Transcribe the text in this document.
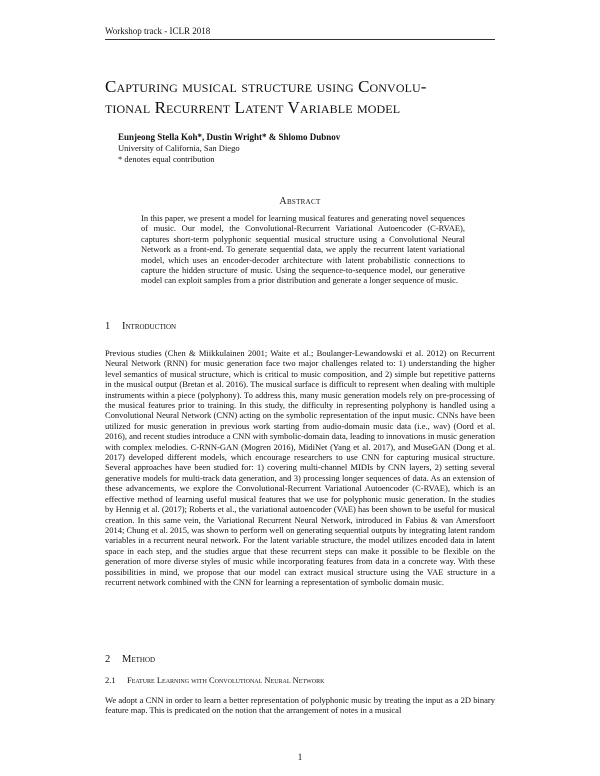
Workshop track - ICLR 2018
Capturing musical structure using Convolu-
tional Recurrent Latent Variable model
Eunjeong Stella Koh*, Dustin Wright* & Shlomo Dubnov
University of California, San Diego
* denotes equal contribution
Abstract

In this paper, we present a model for learning musical features and generating novel sequences of music. Our model, the Convolutional-Recurrent Variational Autoencoder (C-RVAE), captures short-term polyphonic sequential musical structure using a Convolutional Neural Network as a front-end. To generate sequential data, we apply the recurrent latent variational model, which uses an encoder-decoder architecture with latent probabilistic connections to capture the hidden structure of music. Using the sequence-to-sequence model, our generative model can exploit samples from a prior distribution and generate a longer sequence of music.

1 Introduction

Previous studies (Chen & Miikkulainen 2001; Waite et al.; Boulanger-Lewandowski et al. 2012) on Recurrent Neural Network (RNN) for music generation face two major challenges related to: 1) understanding the higher level semantics of musical structure, which is critical to music composition, and 2) simple but repetitive patterns in the musical output (Bretan et al. 2016). The musical surface is difficult to represent when dealing with multiple instruments within a piece (polyphony). To address this, many music generation models rely on pre-processing of the musical features prior to training. In this study, the difficulty in representing polyphony is handled using a Convolutional Neural Network (CNN) acting on the symbolic representation of the input music. CNNs have been utilized for music generation in previous work starting from audio-domain music data (i.e., wav) (Oord et al. 2016), and recent studies introduce a CNN with symbolic-domain data, leading to innovations in music generation with complex melodies. C-RNN-GAN (Mogren 2016), MidiNet (Yang et al. 2017), and MuseGAN (Dong et al. 2017) developed different models, which encourage researchers to use CNN for capturing musical structure. Several approaches have been studied for: 1) covering multi-channel MIDIs by CNN layers, 2) setting several generative models for multi-track data generation, and 3) processing longer sequences of data. As an extension of these advancements, we explore the Convolutional-Recurrent Variational Autoencoder (C-RVAE), which is an effective method of learning useful musical features that we use for polyphonic music generation. In the studies by Hennig et al. (2017); Roberts et al., the variational autoencoder (VAE) has been shown to be useful for musical creation. In this same vein, the Variational Recurrent Neural Network, introduced in Fabius & van Amersfoort 2014; Chung et al. 2015, was shown to perform well on generating sequential outputs by integrating latent random variables in a recurrent neural network. For the latent variable structure, the model utilizes encoded data in latent space in each step, and the studies argue that these recurrent steps can make it possible to be flexible on the generation of more diverse styles of music while incorporating features from data in a concrete way. With these possibilities in mind, we propose that our model can extract musical structure using the VAE structure in a recurrent network combined with the CNN for learning a representation of symbolic domain music.

2 Method
2.1 Feature Learning with Convolutional Neural Network

We adopt a CNN in order to learn a better representation of polyphonic music by treating the input as a 2D binary feature map. This is predicated on the notion that the arrangement of notes in a musical

1
